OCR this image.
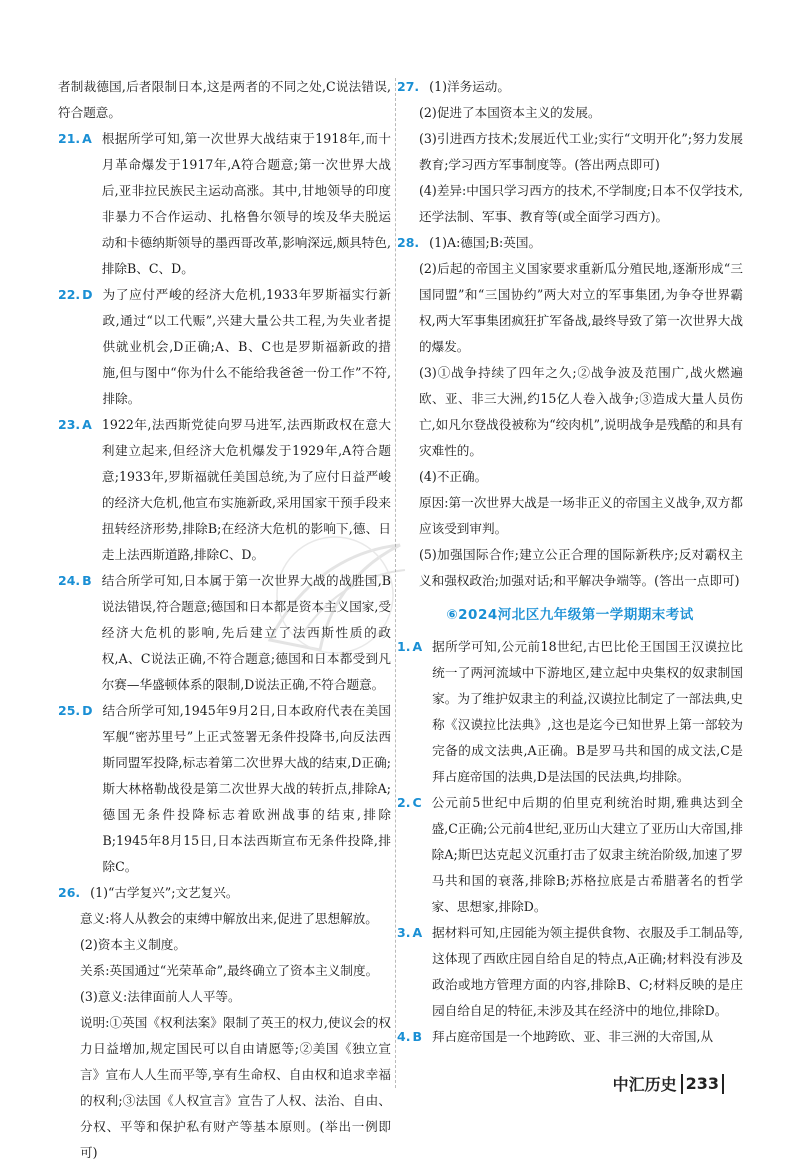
者制裁德国,后者限制日本,这是两者的不同之处,C说法错误,符合题意。

21. A 根据所学可知,第一次世界大战结束于1918年,而十月革命爆发于1917年,A符合题意;第一次世界大战后,亚非拉民族民主运动高涨。其中,甘地领导的印度非暴力不合作运动、扎格鲁尔领导的埃及华夫脱运动和卡德纳斯领导的墨西哥改革,影响深远,颇具特色,排除B、C、D。
22. D 为了应付严峻的经济大危机,1933年罗斯福实行新政,通过“以工代赈”,兴建大量公共工程,为失业者提供就业机会,D正确;A、B、C也是罗斯福新政的措施,但与图中“你为什么不能给我爸爸一份工作”不符,排除。
23. A 1922年,法西斯党徒向罗马进军,法西斯政权在意大利建立起来,但经济大危机爆发于1929年,A符合题意;1933年,罗斯福就任美国总统,为了应付日益严峻的经济大危机,他宣布实施新政,采用国家干预手段来扭转经济形势,排除B;在经济大危机的影响下,德、日走上法西斯道路,排除C、D。
24. B 结合所学可知,日本属于第一次世界大战的战胜国,B说法错误,符合题意;德国和日本都是资本主义国家,受经济大危机的影响,先后建立了法西斯性质的政权,A、C说法正确,不符合题意;德国和日本都受到凡尔赛—华盛顿体系的限制,D说法正确,不符合题意。
25. D 结合所学可知,1945年9月2日,日本政府代表在美国军舰“密苏里号”上正式签署无条件投降书,向反法西斯同盟军投降,标志着第二次世界大战的结束,D正确;斯大林格勒战役是第二次世界大战的转折点,排除A;德国无条件投降标志着欧洲战事的结束,排除B;1945年8月15日,日本法西斯宣布无条件投降,排除C。
26. (1)“古学复兴”;文艺复兴。
意义:将人从教会的束缚中解放出来,促进了思想解放。
(2)资本主义制度。
关系:英国通过“光荣革命”,最终确立了资本主义制度。
(3)意义:法律面前人人平等。
说明:①英国《权利法案》限制了英王的权力,使议会的权力日益增加,规定国民可以自由请愿等;②美国《独立宣言》宣布人人生而平等,享有生命权、自由权和追求幸福的权利;③法国《人权宣言》宣告了人权、法治、自由、分权、平等和保护私有财产等基本原则。(举出一例即可)
27. (1)洋务运动。
(2)促进了本国资本主义的发展。
(3)引进西方技术;发展近代工业;实行“文明开化”;努力发展教育;学习西方军事制度等。(答出两点即可)
(4)差异:中国只学习西方的技术,不学制度;日本不仅学技术,还学法制、军事、教育等(或全面学习西方)。
28. (1)A:德国;B:英国。
(2)后起的帝国主义国家要求重新瓜分殖民地,逐渐形成“三国同盟”和“三国协约”两大对立的军事集团,为争夺世界霸权,两大军事集团疯狂扩军备战,最终导致了第一次世界大战的爆发。
(3)①战争持续了四年之久;②战争波及范围广,战火燃遍欧、亚、非三大洲,约15亿人卷入战争;③造成大量人员伤亡,如凡尔登战役被称为“绞肉机”,说明战争是残酷的和具有灾难性的。
(4)不正确。
原因:第一次世界大战是一场非正义的帝国主义战争,双方都应该受到审判。
(5)加强国际合作;建立公正合理的国际新秩序;反对霸权主义和强权政治;加强对话;和平解决争端等。(答出一点即可)
⑥2024河北区九年级第一学期期末考试
1. A 据所学可知,公元前18世纪,古巴比伦王国国王汉谟拉比统一了两河流域中下游地区,建立起中央集权的奴隶制国家。为了维护奴隶主的利益,汉谟拉比制定了一部法典,史称《汉谟拉比法典》,这也是迄今已知世界上第一部较为完备的成文法典,A正确。B是罗马共和国的成文法,C是拜占庭帝国的法典,D是法国的民法典,均排除。
2. C 公元前5世纪中后期的伯里克利统治时期,雅典达到全盛,C正确;公元前4世纪,亚历山大建立了亚历山大帝国,排除A;斯巴达克起义沉重打击了奴隶主统治阶级,加速了罗马共和国的衰落,排除B;苏格拉底是古希腊著名的哲学家、思想家,排除D。
3. A 据材料可知,庄园能为领主提供食物、衣服及手工制品等,这体现了西欧庄园自给自足的特点,A正确;材料没有涉及政治或地方管理方面的内容,排除B、C;材料反映的是庄园自给自足的特征,未涉及其在经济中的地位,排除D。
4. B 拜占庭帝国是一个地跨欧、亚、非三洲的大帝国,从
中汇历史 233
